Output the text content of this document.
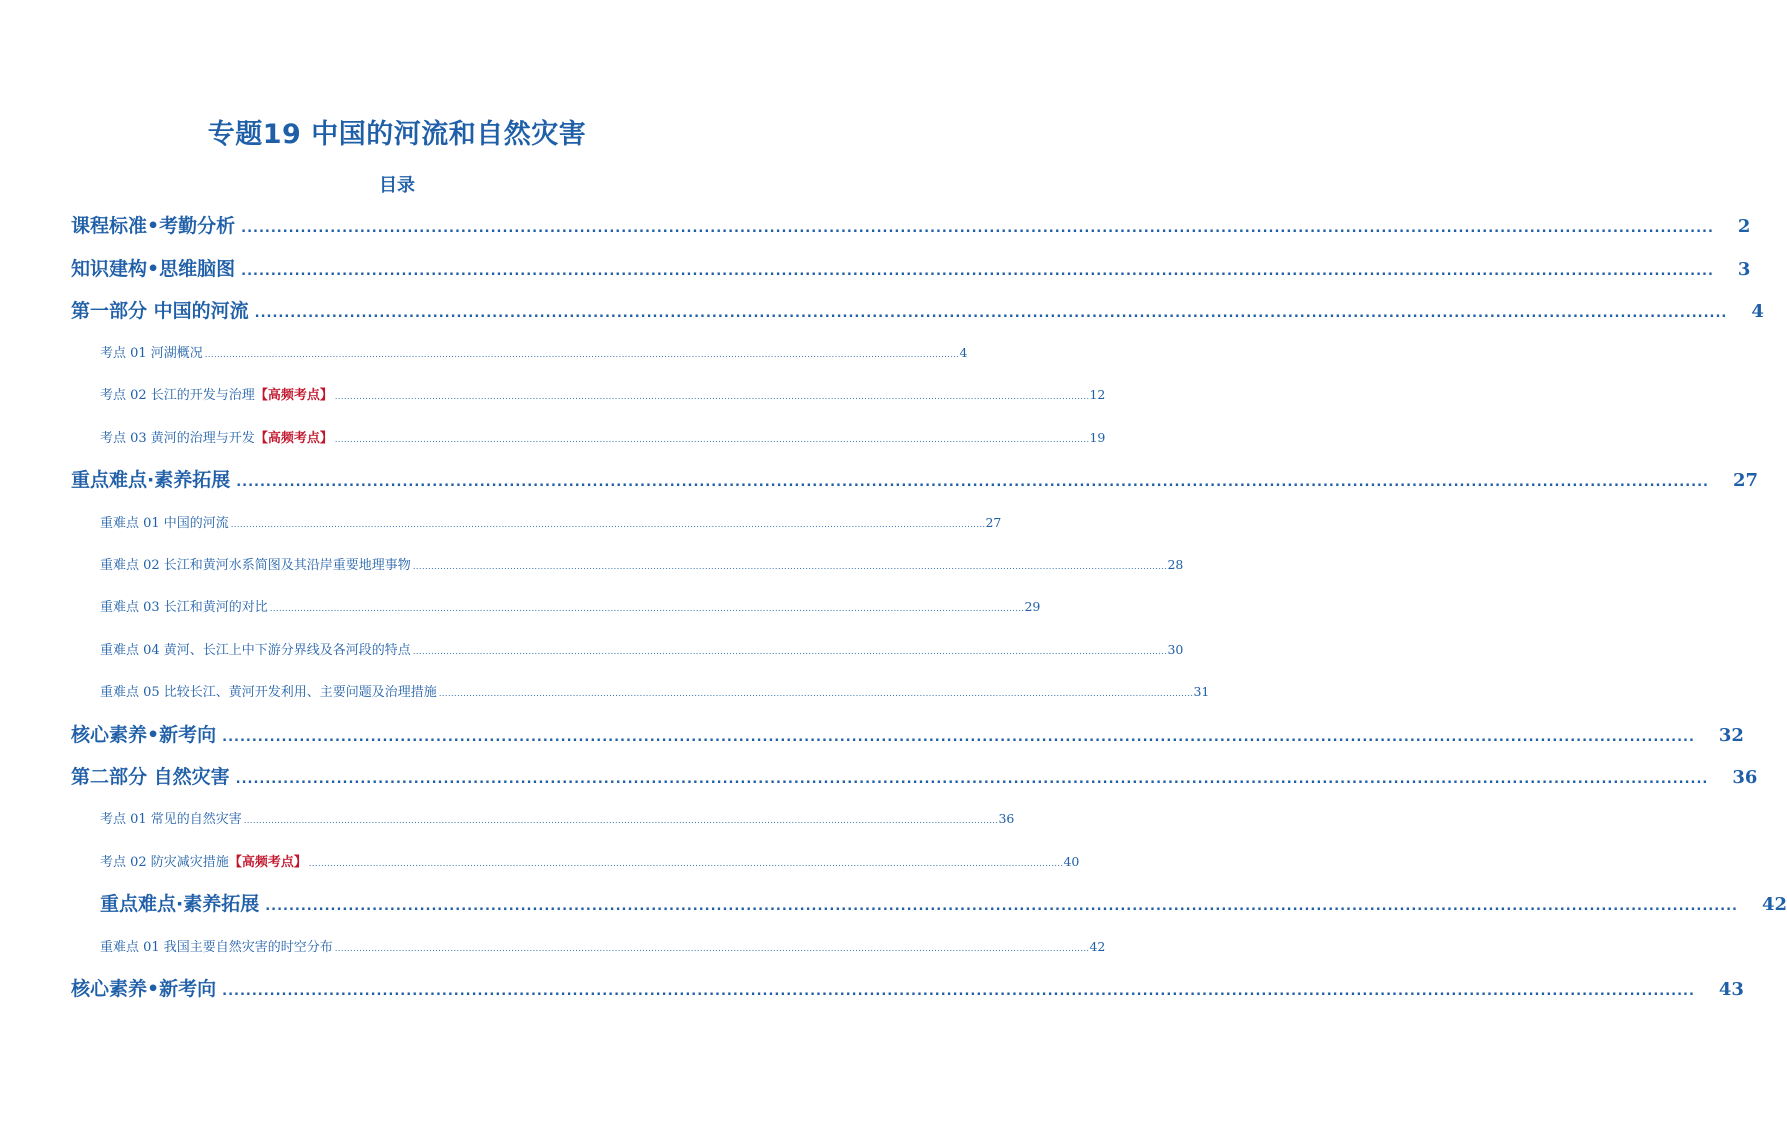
专题19 中国的河流和自然灾害
目录
课程标准•考勤分析 ........................................................................................................................................................................................................................................................ 2
知识建构•思维脑图 ........................................................................................................................................................................................................................................................ 3
第一部分 中国的河流 ........................................................................................................................................................................................................................................................ 4
考点 01 河湖概况 ........................................................................................................................................................................................................................................................ 4
考点 02 长江的开发与治理【高频考点】 ........................................................................................................................................................................................................................................................ 12
考点 03 黄河的治理与开发【高频考点】 ........................................................................................................................................................................................................................................................ 19
重点难点·素养拓展 ........................................................................................................................................................................................................................................................ 27
重难点 01 中国的河流 ........................................................................................................................................................................................................................................................ 27
重难点 02 长江和黄河水系简图及其沿岸重要地理事物 ........................................................................................................................................................................................................................................................ 28
重难点 03 长江和黄河的对比 ........................................................................................................................................................................................................................................................ 29
重难点 04 黄河、长江上中下游分界线及各河段的特点 ........................................................................................................................................................................................................................................................ 30
重难点 05 比较长江、黄河开发利用、主要问题及治理措施 ........................................................................................................................................................................................................................................................ 31
核心素养•新考向 ........................................................................................................................................................................................................................................................ 32
第二部分 自然灾害 ........................................................................................................................................................................................................................................................ 36
考点 01 常见的自然灾害 ........................................................................................................................................................................................................................................................ 36
考点 02 防灾减灾措施【高频考点】 ........................................................................................................................................................................................................................................................ 40
重点难点·素养拓展 ........................................................................................................................................................................................................................................................ 42
重难点 01 我国主要自然灾害的时空分布 ........................................................................................................................................................................................................................................................ 42
核心素养•新考向 ........................................................................................................................................................................................................................................................ 43
